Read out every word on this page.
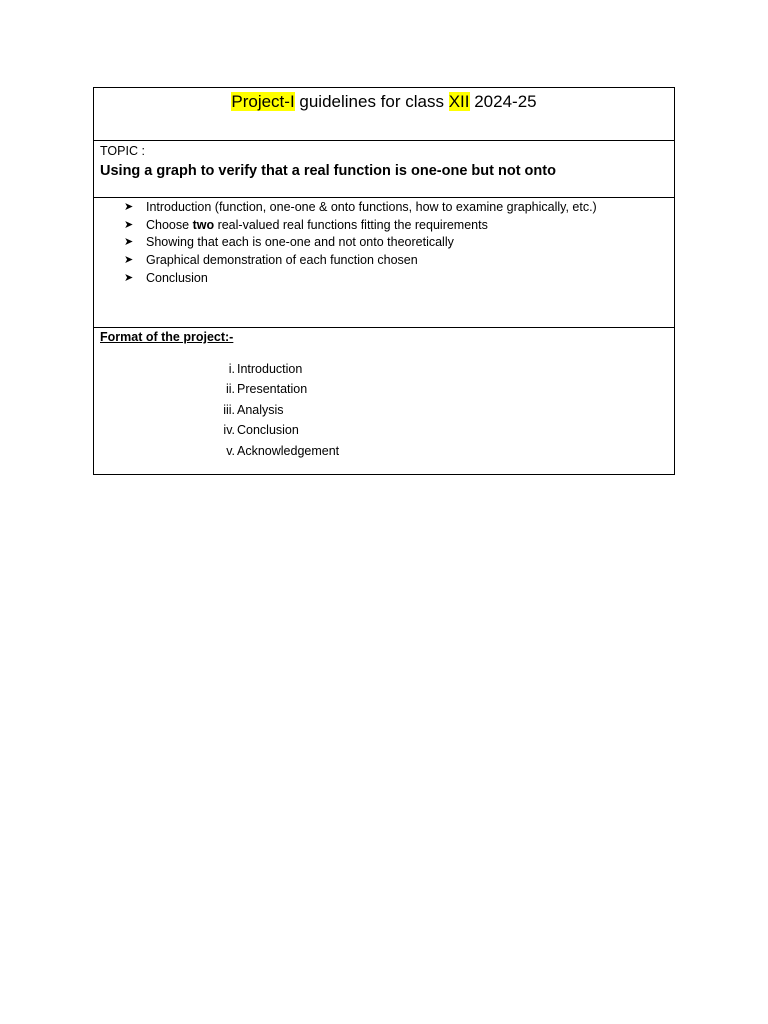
Project-I guidelines for class XII 2024-25
TOPIC :
Using a graph to verify that a real function is one-one but not onto
➤ Introduction (function, one-one & onto functions, how to examine graphically, etc.)
➤ Choose two real-valued real functions fitting the requirements
➤ Showing that each is one-one and not onto theoretically
➤ Graphical demonstration of each function chosen
➤ Conclusion
Format of the project:-
i. Introduction
ii. Presentation
iii. Analysis
iv. Conclusion
v. Acknowledgement
